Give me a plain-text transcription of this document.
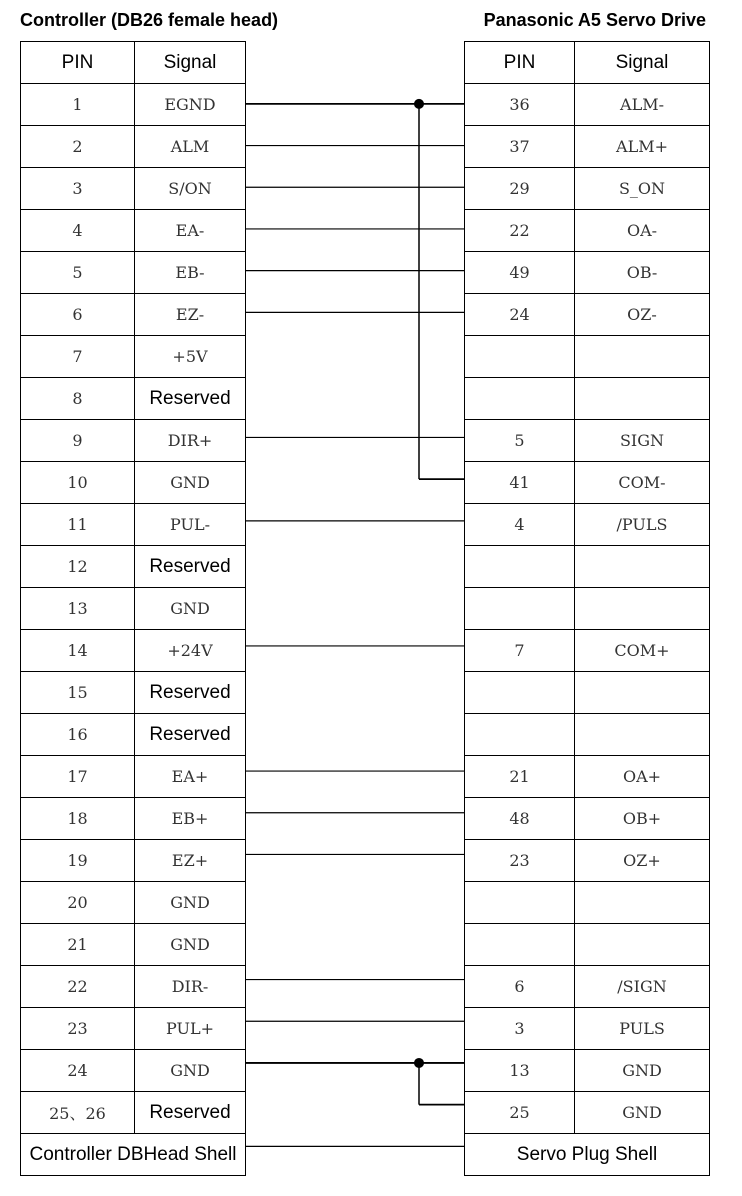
Controller (DB26 female head)	Panasonic A5 Servo Drive
PIN	Signal
1	EGND
2	ALM
3	S/ON
4	EA-
5	EB-
6	EZ-
7	+5V
8	Reserved
9	DIR+
10	GND
11	PUL-
12	Reserved
13	GND
14	+24V
15	Reserved
16	Reserved
17	EA+
18	EB+
19	EZ+
20	GND
21	GND
22	DIR-
23	PUL+
24	GND
25、26	Reserved
Controller DBHead Shell	
PIN	Signal
36	ALM-
37	ALM+
29	S_ON
22	OA-
49	OB-
24	OZ-

5	SIGN
41	COM-
4	/PULS

7	COM+

21	OA+
48	OB+
23	OZ+

6	/SIGN
3	PULS
13	GND
25	GND
Servo Plug Shell	
